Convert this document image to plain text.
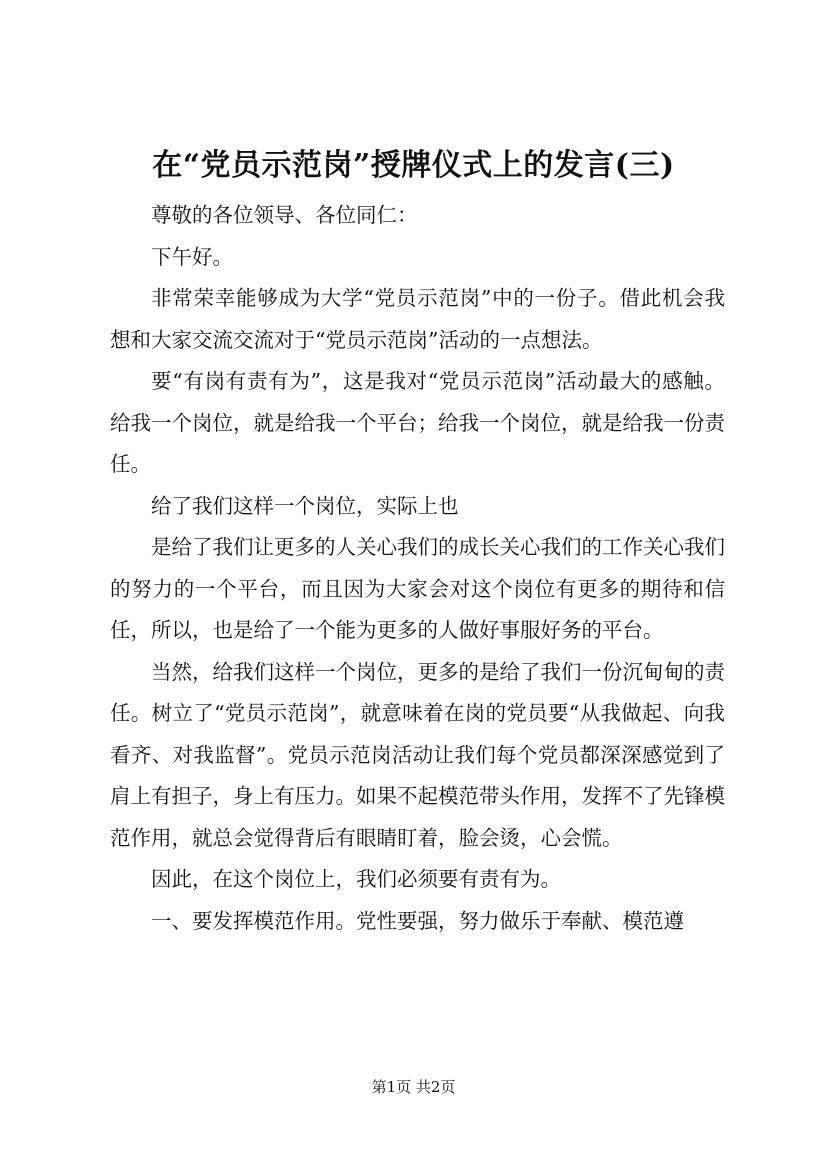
在“党员示范岗”授牌仪式上的发言(三)

尊敬的各位领导、各位同仁：

下午好。

非常荣幸能够成为大学“党员示范岗”中的一份子。借此机会我想和大家交流交流对于“党员示范岗”活动的一点想法。

要“有岗有责有为”，这是我对“党员示范岗”活动最大的感触。给我一个岗位，就是给我一个平台；给我一个岗位，就是给我一份责任。

给了我们这样一个岗位，实际上也

是给了我们让更多的人关心我们的成长关心我们的工作关心我们的努力的一个平台，而且因为大家会对这个岗位有更多的期待和信任，所以，也是给了一个能为更多的人做好事服好务的平台。

当然，给我们这样一个岗位，更多的是给了我们一份沉甸甸的责任。树立了“党员示范岗”，就意味着在岗的党员要“从我做起、向我看齐、对我监督”。党员示范岗活动让我们每个党员都深深感觉到了肩上有担子，身上有压力。如果不起模范带头作用，发挥不了先锋模范作用，就总会觉得背后有眼睛盯着，脸会烫，心会慌。

因此，在这个岗位上，我们必须要有责有为。

一、要发挥模范作用。党性要强，努力做乐于奉献、模范遵

第1页 共2页
